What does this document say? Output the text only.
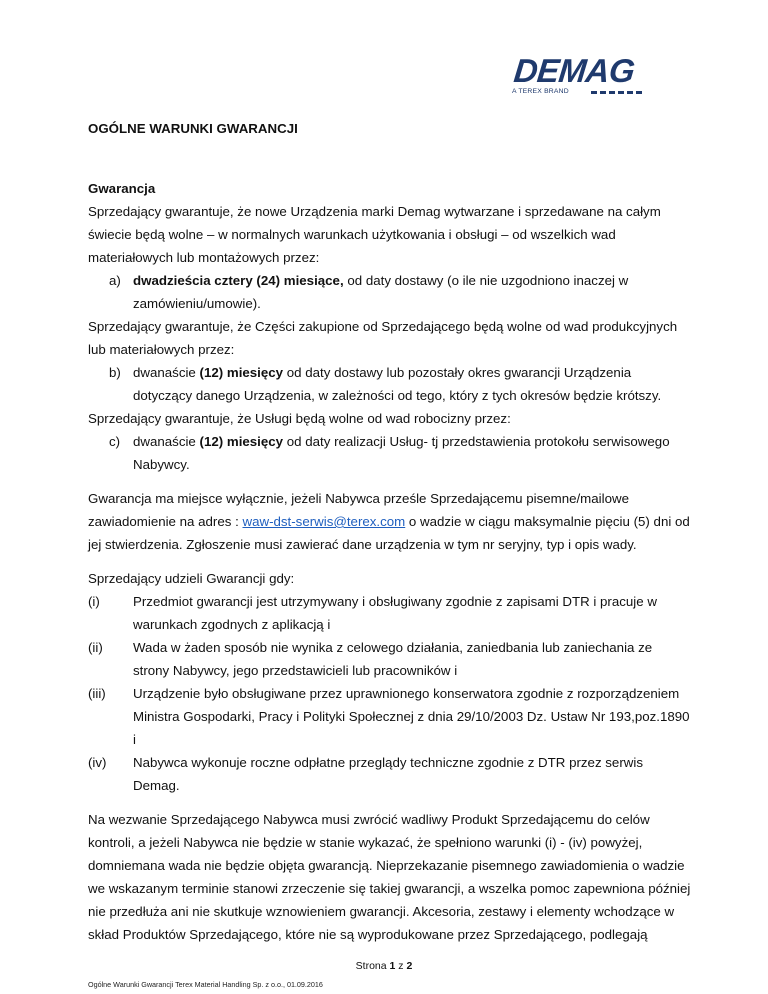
DEMAG
A TEREX BRAND
OGÓLNE WARUNKI GWARANCJI
Gwarancja
Sprzedający gwarantuje, że nowe Urządzenia marki Demag wytwarzane i sprzedawane na całym
świecie będą wolne – w normalnych warunkach użytkowania i obsługi – od wszelkich wad
materiałowych lub montażowych przez:
a) dwadzieścia cztery (24) miesiące, od daty dostawy (o ile nie uzgodniono inaczej w
zamówieniu/umowie).
Sprzedający gwarantuje, że Części zakupione od Sprzedającego będą wolne od wad produkcyjnych
lub materiałowych przez:
b) dwanaście (12) miesięcy od daty dostawy lub pozostały okres gwarancji Urządzenia
dotyczący danego Urządzenia, w zależności od tego, który z tych okresów będzie krótszy.
Sprzedający gwarantuje, że Usługi będą wolne od wad robocizny przez:
c) dwanaście (12) miesięcy od daty realizacji Usług- tj przedstawienia protokołu serwisowego
Nabywcy.
Gwarancja ma miejsce wyłącznie, jeżeli Nabywca prześle Sprzedającemu pisemne/mailowe
zawiadomienie na adres : waw-dst-serwis@terex.com o wadzie w ciągu maksymalnie pięciu (5) dni od
jej stwierdzenia. Zgłoszenie musi zawierać dane urządzenia w tym nr seryjny, typ i opis wady.
Sprzedający udzieli Gwarancji gdy:
(i) Przedmiot gwarancji jest utrzymywany i obsługiwany zgodnie z zapisami DTR i pracuje w
warunkach zgodnych z aplikacją i
(ii) Wada w żaden sposób nie wynika z celowego działania, zaniedbania lub zaniechania ze
strony Nabywcy, jego przedstawicieli lub pracowników i
(iii) Urządzenie było obsługiwane przez uprawnionego konserwatora zgodnie z rozporządzeniem
Ministra Gospodarki, Pracy i Polityki Społecznej z dnia 29/10/2003 Dz. Ustaw Nr 193,poz.1890
i
(iv) Nabywca wykonuje roczne odpłatne przeglądy techniczne zgodnie z DTR przez serwis
Demag.
Na wezwanie Sprzedającego Nabywca musi zwrócić wadliwy Produkt Sprzedającemu do celów
kontroli, a jeżeli Nabywca nie będzie w stanie wykazać, że spełniono warunki (i) - (iv) powyżej,
domniemana wada nie będzie objęta gwarancją. Nieprzekazanie pisemnego zawiadomienia o wadzie
we wskazanym terminie stanowi zrzeczenie się takiej gwarancji, a wszelka pomoc zapewniona później
nie przedłuża ani nie skutkuje wznowieniem gwarancji. Akcesoria, zestawy i elementy wchodzące w
skład Produktów Sprzedającego, które nie są wyprodukowane przez Sprzedającego, podlegają
Strona 1 z 2
Ogólne Warunki Gwarancji Terex Material Handling Sp. z o.o., 01.09.2016
